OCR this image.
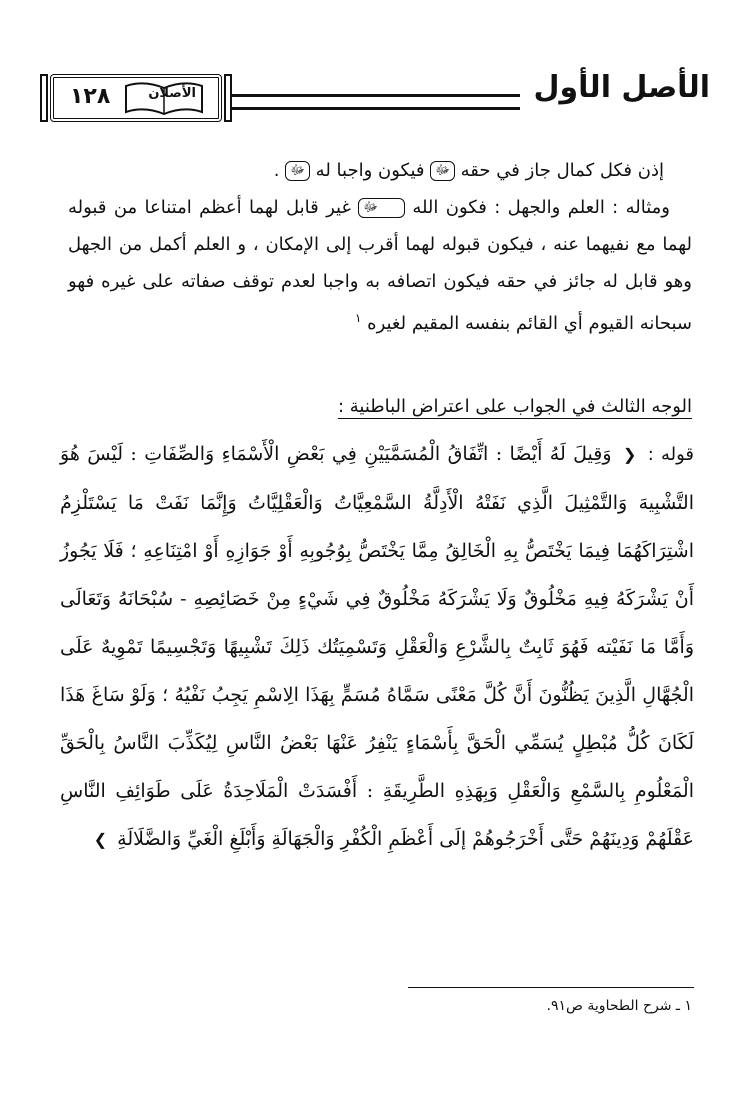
١٢٨	الأصلان	الأصل الأول

إذن فكل كمال جاز في حقه ﷻ فيكون واجبا له ﷻ .

ومثاله : العلم والجهل : فكون الله ﷻ غير قابل لهما أعظم امتناعا من قبوله لهما مع نفيهما عنه ، فيكون قبوله لهما أقرب إلى الإمكان ، و العلم أكمل من الجهل وهو قابل له جائز في حقه فيكون اتصافه به واجبا لعدم توقف صفاته على غيره فهو سبحانه القيوم أي القائم بنفسه المقيم لغيره $^١$

الوجه الثالث في الجواب على اعتراض الباطنية :

قوله : ❮ وَقِيلَ لَهُ أَيْضًا : اتِّفَاقُ الْمُسَمَّيَيْنِ فِي بَعْضِ الْأَسْمَاءِ وَالصِّفَاتِ : لَيْسَ هُوَ التَّشْبِيهَ وَالتَّمْثِيلَ الَّذِي نَفَتْهُ الْأَدِلَّةُ السَّمْعِيَّاتُ وَالْعَقْلِيَّاتُ وَإِنَّمَا نَفَتْ مَا يَسْتَلْزِمُ اشْتِرَاكَهُمَا فِيمَا يَخْتَصُّ بِهِ الْخَالِقُ مِمَّا يَخْتَصُّ بِوُجُوبِهِ أَوْ جَوَازِهِ أَوْ امْتِنَاعِهِ ؛ فَلَا يَجُوزُ أَنْ يَشْرَكَهُ فِيهِ مَخْلُوقٌ وَلَا يَشْرَكَهُ مَخْلُوقٌ فِي شَيْءٍ مِنْ خَصَائِصِهِ - سُبْحَانَهُ وَتَعَالَى وَأَمَّا مَا نَفَيْته فَهُوَ ثَابِتٌ بِالشَّرْعِ وَالْعَقْلِ وَتَسْمِيَتُك ذَلِكَ تَشْبِيهًا وَتَجْسِيمًا تَمْوِيهٌ عَلَى الْجُهَّالِ الَّذِينَ يَظُنُّونَ أَنَّ كُلَّ مَعْنًى سَمَّاهُ مُسَمٍّ بِهَذَا الِاسْمِ يَجِبُ نَفْيُهُ ؛ وَلَوْ سَاغَ هَذَا لَكَانَ كُلُّ مُبْطِلٍ يُسَمِّي الْحَقَّ بِأَسْمَاءٍ يَنْفِرُ عَنْهَا بَعْضُ النَّاسِ لِيُكَذِّبَ النَّاسُ بِالْحَقِّ الْمَعْلُومِ بِالسَّمْعِ وَالْعَقْلِ وَبِهَذِهِ الطَّرِيقَةِ : أَفْسَدَتْ الْمَلَاحِدَةُ عَلَى طَوَائِفِ النَّاسِ عَقْلَهُمْ وَدِينَهُمْ حَتَّى أَخْرَجُوهُمْ إلَى أَعْظَمِ الْكُفْرِ وَالْجَهَالَةِ وَأَبْلَغِ الْغَيِّ وَالضَّلَالَةِ ❯

١ ـ شرح الطحاوية ص٩١.
